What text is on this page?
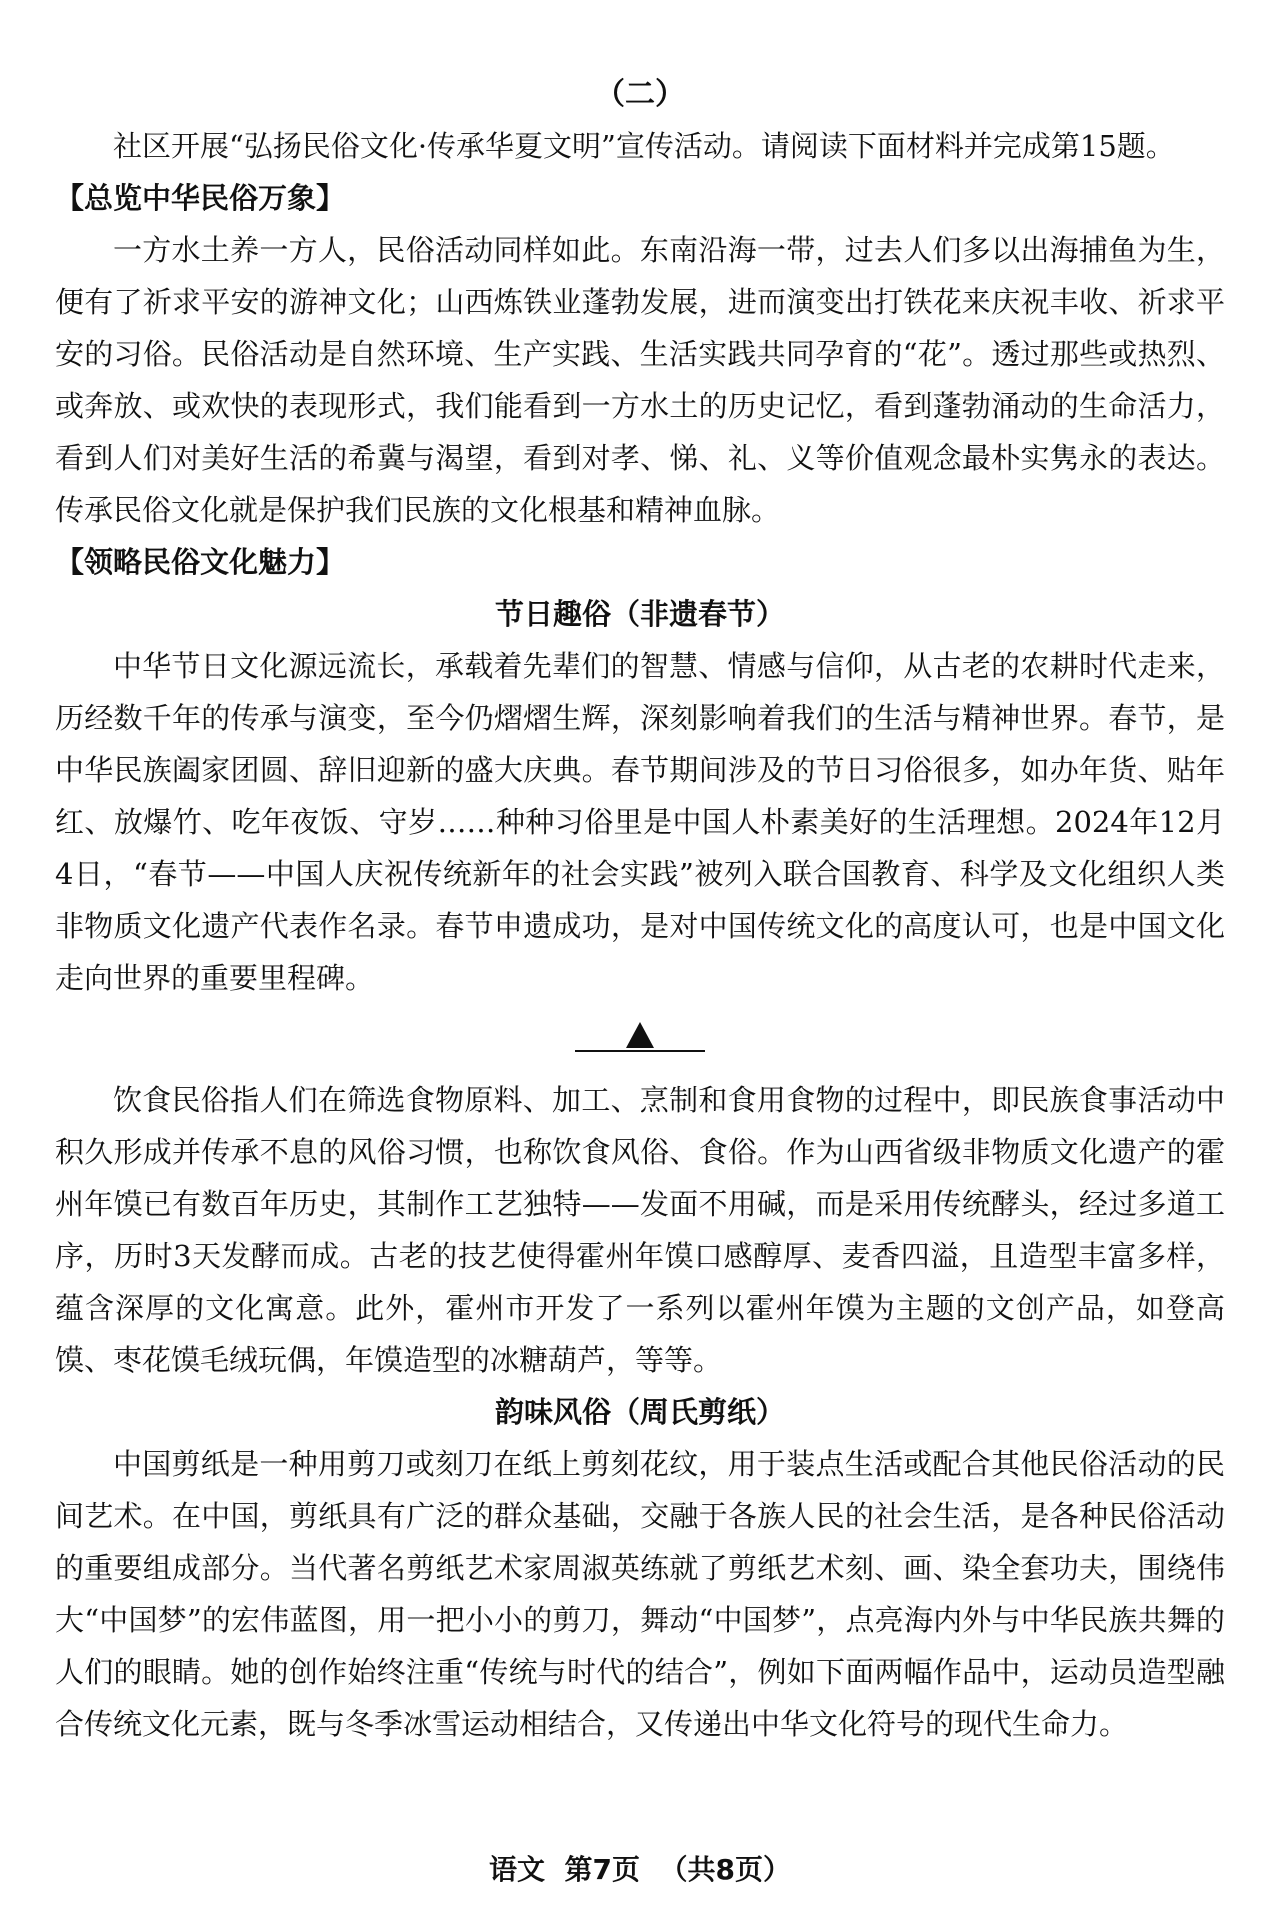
（二）

社区开展“弘扬民俗文化·传承华夏文明”宣传活动。请阅读下面材料并完成第15题。

【总览中华民俗万象】

一方水土养一方人，民俗活动同样如此。东南沿海一带，过去人们多以出海捕鱼为生，便有了祈求平安的游神文化；山西炼铁业蓬勃发展，进而演变出打铁花来庆祝丰收、祈求平安的习俗。民俗活动是自然环境、生产实践、生活实践共同孕育的“花”。透过那些或热烈、或奔放、或欢快的表现形式，我们能看到一方水土的历史记忆，看到蓬勃涌动的生命活力，看到人们对美好生活的希冀与渴望，看到对孝、悌、礼、义等价值观念最朴实隽永的表达。传承民俗文化就是保护我们民族的文化根基和精神血脉。

【领略民俗文化魅力】

节日趣俗（非遗春节）

中华节日文化源远流长，承载着先辈们的智慧、情感与信仰，从古老的农耕时代走来，历经数千年的传承与演变，至今仍熠熠生辉，深刻影响着我们的生活与精神世界。春节，是中华民族阖家团圆、辞旧迎新的盛大庆典。春节期间涉及的节日习俗很多，如办年货、贴年红、放爆竹、吃年夜饭、守岁……种种习俗里是中国人朴素美好的生活理想。2024年12月4日，“春节——中国人庆祝传统新年的社会实践”被列入联合国教育、科学及文化组织人类非物质文化遗产代表作名录。春节申遗成功，是对中国传统文化的高度认可，也是中国文化走向世界的重要里程碑。

饮食民俗指人们在筛选食物原料、加工、烹制和食用食物的过程中，即民族食事活动中积久形成并传承不息的风俗习惯，也称饮食风俗、食俗。作为山西省级非物质文化遗产的霍州年馍已有数百年历史，其制作工艺独特——发面不用碱，而是采用传统酵头，经过多道工序，历时3天发酵而成。古老的技艺使得霍州年馍口感醇厚、麦香四溢，且造型丰富多样，蕴含深厚的文化寓意。此外，霍州市开发了一系列以霍州年馍为主题的文创产品，如登高馍、枣花馍毛绒玩偶，年馍造型的冰糖葫芦，等等。

韵味风俗（周氏剪纸）

中国剪纸是一种用剪刀或刻刀在纸上剪刻花纹，用于装点生活或配合其他民俗活动的民间艺术。在中国，剪纸具有广泛的群众基础，交融于各族人民的社会生活，是各种民俗活动的重要组成部分。当代著名剪纸艺术家周淑英练就了剪纸艺术刻、画、染全套功夫，围绕伟大“中国梦”的宏伟蓝图，用一把小小的剪刀，舞动“中国梦”，点亮海内外与中华民族共舞的人们的眼睛。她的创作始终注重“传统与时代的结合”，例如下面两幅作品中，运动员造型融合传统文化元素，既与冬季冰雪运动相结合，又传递出中华文化符号的现代生命力。

语文  第7页  （共8页）
